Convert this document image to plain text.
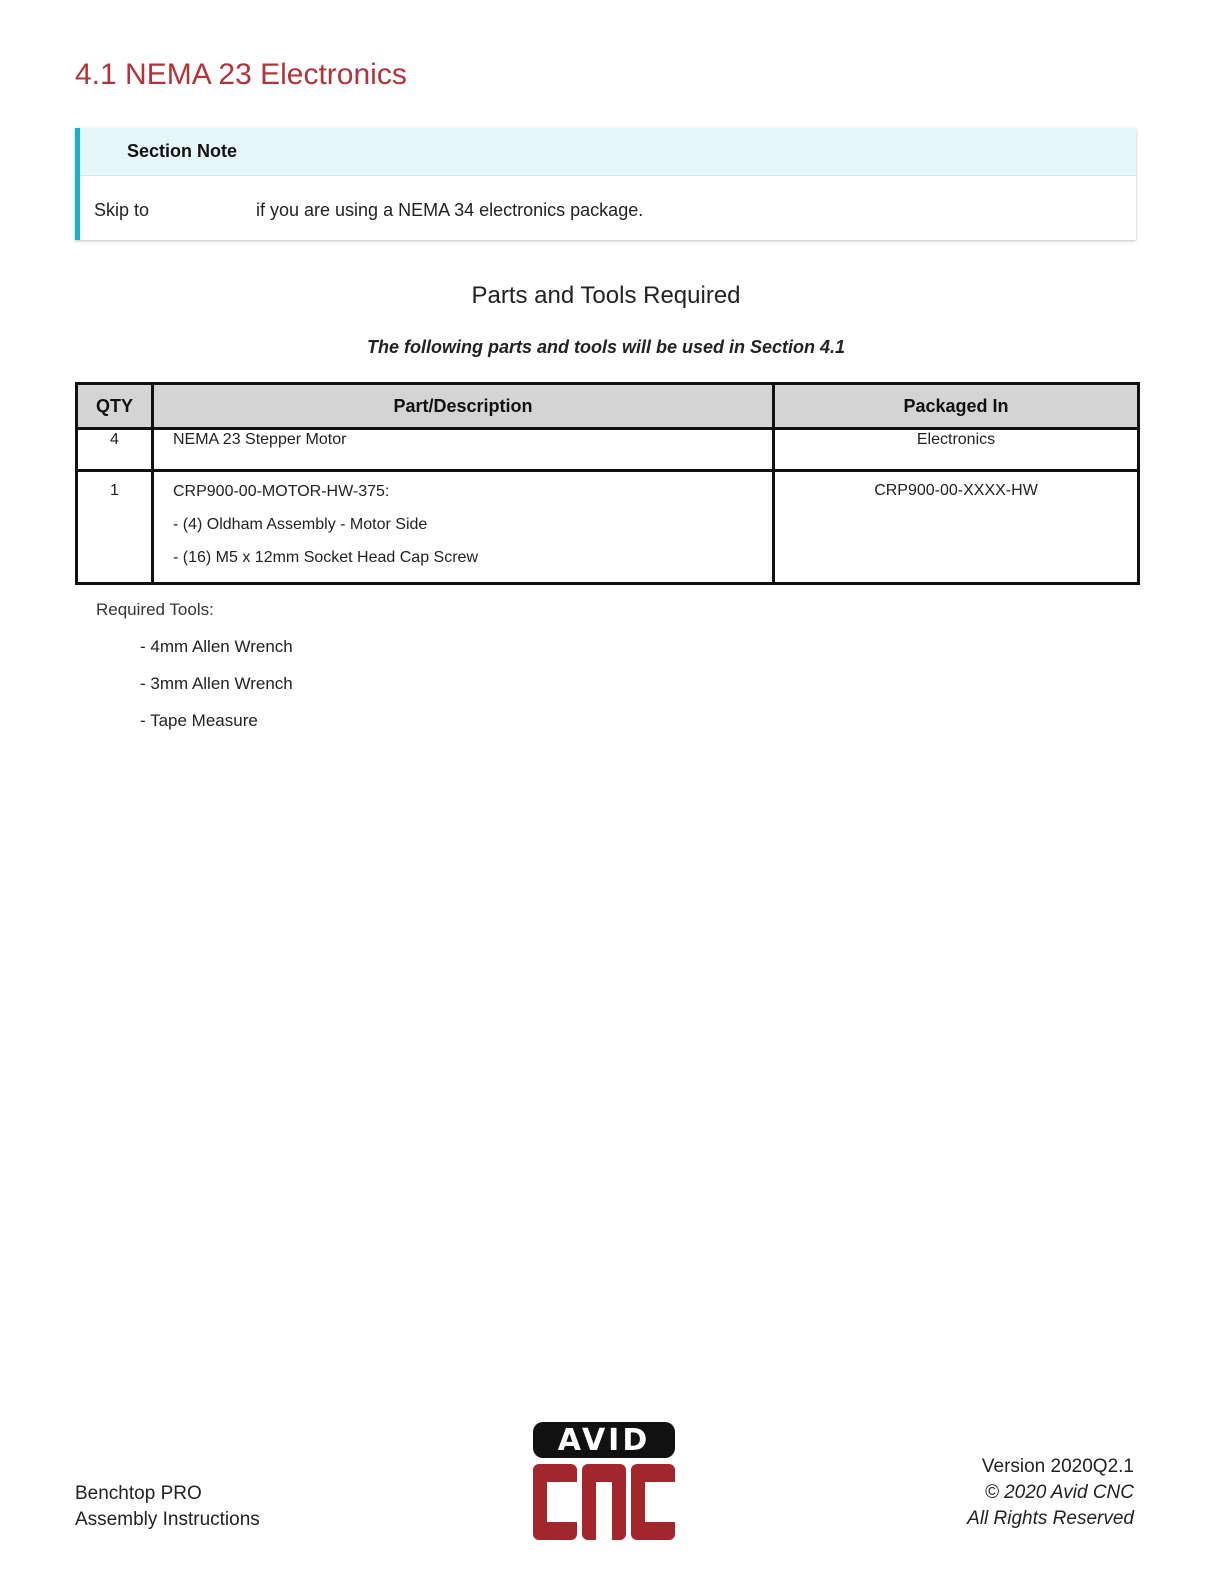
4.1 NEMA 23 Electronics
Section Note
Skip to	if you are using a NEMA 34 electronics package.
Parts and Tools Required
The following parts and tools will be used in Section 4.1
QTY	Part/Description	Packaged In
4	NEMA 23 Stepper Motor	Electronics
1	CRP900-00-MOTOR-HW-375:
- (4) Oldham Assembly - Motor Side
- (16) M5 x 12mm Socket Head Cap Screw	CRP900-00-XXXX-HW
Required Tools:
- 4mm Allen Wrench
- 3mm Allen Wrench
- Tape Measure
Benchtop PRO
Assembly Instructions
AVID
Version 2020Q2.1
© 2020 Avid CNC
All Rights Reserved
